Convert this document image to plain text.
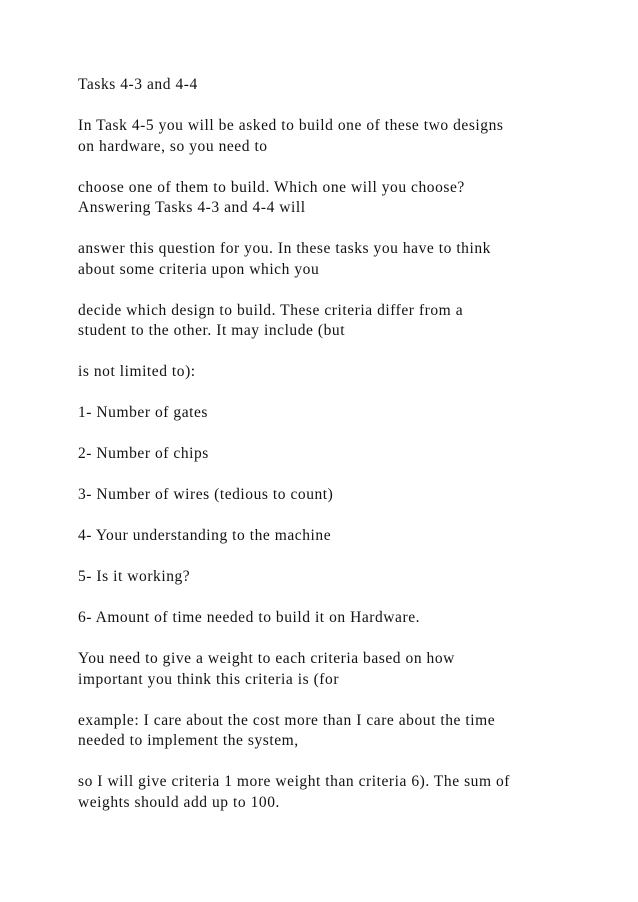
Tasks 4-3 and 4-4

In Task 4-5 you will be asked to build one of these two designs
on hardware, so you need to

choose one of them to build. Which one will you choose?
Answering Tasks 4-3 and 4-4 will

answer this question for you. In these tasks you have to think
about some criteria upon which you

decide which design to build. These criteria differ from a
student to the other. It may include (but

is not limited to):

1- Number of gates

2- Number of chips

3- Number of wires (tedious to count)

4- Your understanding to the machine

5- Is it working?

6- Amount of time needed to build it on Hardware.

You need to give a weight to each criteria based on how
important you think this criteria is (for

example: I care about the cost more than I care about the time
needed to implement the system,

so I will give criteria 1 more weight than criteria 6). The sum of
weights should add up to 100.
